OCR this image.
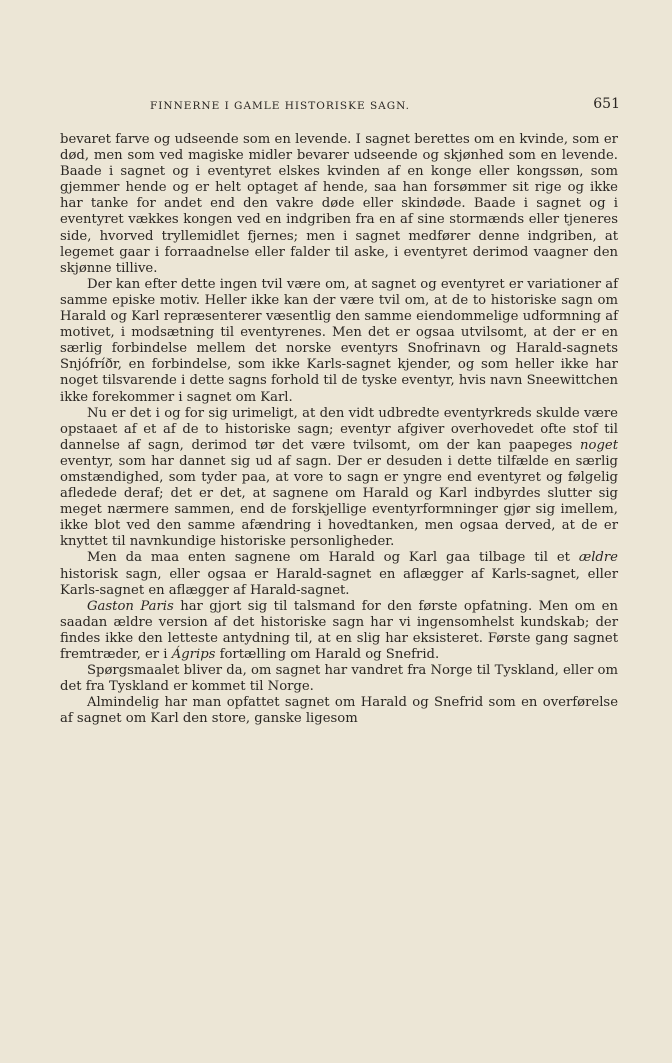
FINNERNE I GAMLE HISTORISKE SAGN.	651

bevaret farve og udseende som en levende. I sagnet berettes om en kvinde, som er død, men som ved magiske midler bevarer udseende og skjønhed som en levende. Baade i sagnet og i eventyret elskes kvinden af en konge eller kongssøn, som gjemmer hende og er helt optaget af hende, saa han forsømmer sit rige og ikke har tanke for andet end den vakre døde eller skindøde. Baade i sagnet og i eventyret vækkes kongen ved en indgriben fra en af sine stormænds eller tjeneres side, hvorved tryllemidlet fjernes; men i sagnet medfører denne indgriben, at legemet gaar i forraadnelse eller falder til aske, i eventyret derimod vaagner den skjønne tillive.

Der kan efter dette ingen tvil være om, at sagnet og eventyret er variationer af samme episke motiv. Heller ikke kan der være tvil om, at de to historiske sagn om Harald og Karl repræsenterer væsentlig den samme eiendommelige udformning af motivet, i modsætning til eventyrenes. Men det er ogsaa utvilsomt, at der er en særlig forbindelse mellem det norske eventyrs Snofrinavn og Harald-sagnets Snjófríðr, en forbindelse, som ikke Karls-sagnet kjender, og som heller ikke har noget tilsvarende i dette sagns forhold til de tyske eventyr, hvis navn Sneewittchen ikke forekommer i sagnet om Karl.

Nu er det i og for sig urimeligt, at den vidt udbredte eventyrkreds skulde være opstaaet af et af de to historiske sagn; eventyr afgiver overhovedet ofte stof til dannelse af sagn, derimod tør det være tvilsomt, om der kan paapeges noget eventyr, som har dannet sig ud af sagn. Der er desuden i dette tilfælde en særlig omstændighed, som tyder paa, at vore to sagn er yngre end eventyret og følgelig afledede deraf; det er det, at sagnene om Harald og Karl indbyrdes slutter sig meget nærmere sammen, end de forskjellige eventyrformninger gjør sig imellem, ikke blot ved den samme afændring i hovedtanken, men ogsaa derved, at de er knyttet til navnkundige historiske personligheder.

Men da maa enten sagnene om Harald og Karl gaa tilbage til et ældre historisk sagn, eller ogsaa er Harald-sagnet en aflægger af Karls-sagnet, eller Karls-sagnet en aflægger af Harald-sagnet.

Gaston Paris har gjort sig til talsmand for den første opfatning. Men om en saadan ældre version af det historiske sagn har vi ingensomhelst kundskab; der findes ikke den letteste antydning til, at en slig har eksisteret. Første gang sagnet fremtræder, er i Ágrips fortælling om Harald og Snefrid.

Spørgsmaalet bliver da, om sagnet har vandret fra Norge til Tyskland, eller om det fra Tyskland er kommet til Norge.

Almindelig har man opfattet sagnet om Harald og Snefrid som en overførelse af sagnet om Karl den store, ganske ligesom
